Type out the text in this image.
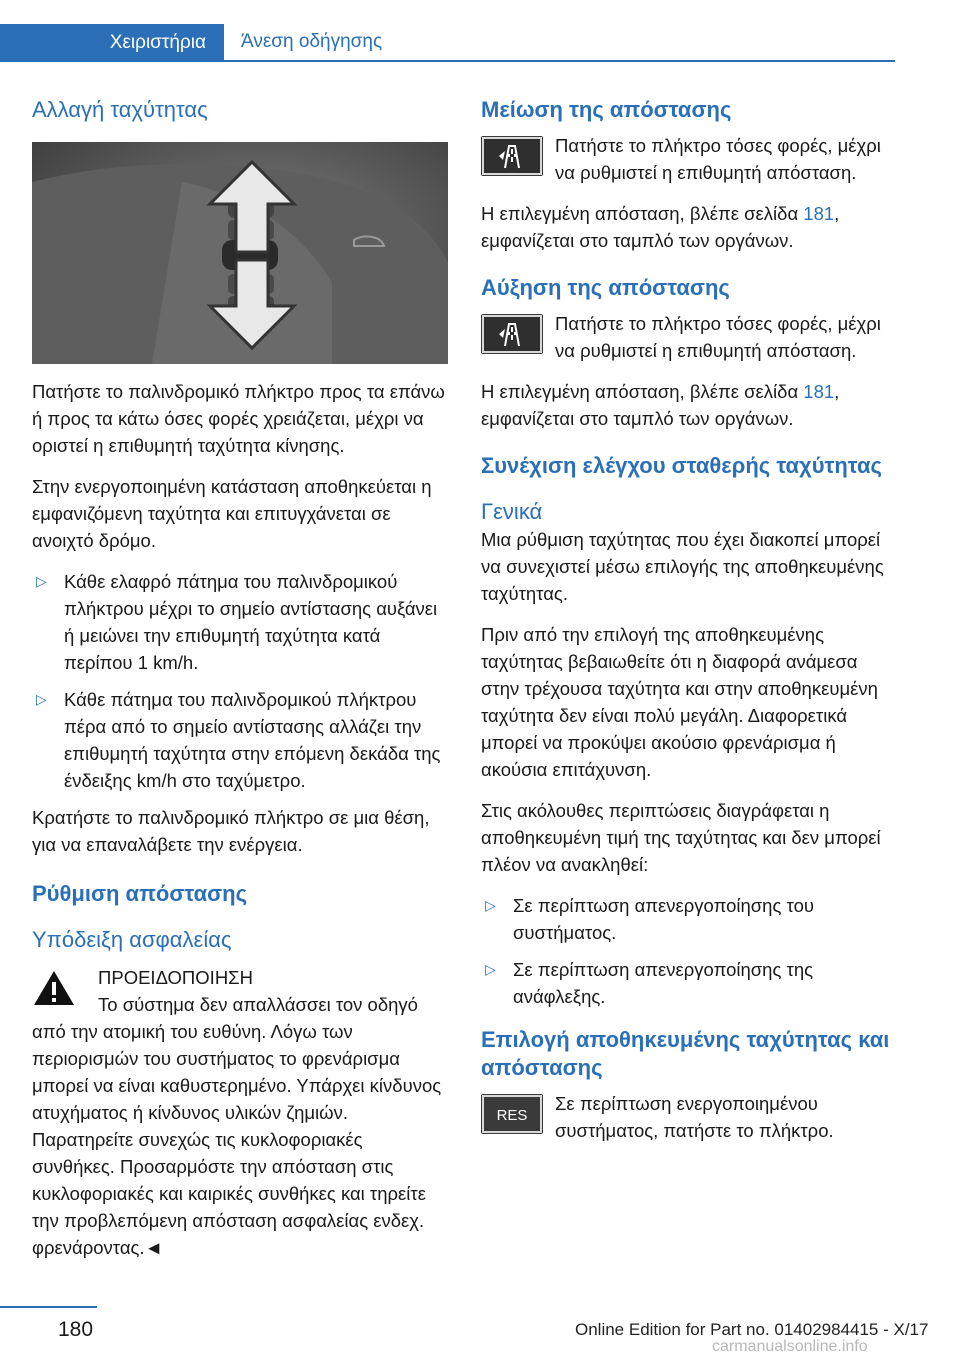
Χειριστήρια	Άνεση οδήγησης
Αλλαγή ταχύτητας

Πατήστε το παλινδρομικό πλήκτρο προς τα επάνω ή προς τα κάτω όσες φορές χρειάζεται, μέχρι να οριστεί η επιθυμητή ταχύτητα κίνησης.

Στην ενεργοποιημένη κατάσταση αποθηκεύεται η εμφανιζόμενη ταχύτητα και επιτυγχάνεται σε ανοιχτό δρόμο.

▷ Κάθε ελαφρό πάτημα του παλινδρομικού πλήκτρου μέχρι το σημείο αντίστασης αυξάνει ή μειώνει την επιθυμητή ταχύτητα κατά περίπου 1 km/h.
▷ Κάθε πάτημα του παλινδρομικού πλήκτρου πέρα από το σημείο αντίστασης αλλάζει την επιθυμητή ταχύτητα στην επόμενη δεκάδα της ένδειξης km/h στο ταχύμετρο.

Κρατήστε το παλινδρομικό πλήκτρο σε μια θέση, για να επαναλάβετε την ενέργεια.

Ρύθμιση απόστασης
Υπόδειξη ασφαλείας

ΠΡΟΕΙΔΟΠΟΙΗΣΗ

Το σύστημα δεν απαλλάσσει τον οδηγό από την ατομική του ευθύνη. Λόγω των περιορισμών του συστήματος το φρενάρισμα μπορεί να είναι καθυστερημένο. Υπάρχει κίνδυνος ατυχήματος ή κίνδυνος υλικών ζημιών. Παρατηρείτε συνεχώς τις κυκλοφοριακές συνθήκες. Προσαρμόστε την απόσταση στις κυκλοφοριακές και καιρικές συνθήκες και τηρείτε την προβλεπόμενη απόσταση ασφαλείας ενδεχ. φρενάροντας.◄

Μείωση της απόστασης

Πατήστε το πλήκτρο τόσες φορές, μέχρι να ρυθμιστεί η επιθυμητή απόσταση.

Η επιλεγμένη απόσταση, βλέπε σελίδα 181, εμφανίζεται στο ταμπλό των οργάνων.

Αύξηση της απόστασης

Πατήστε το πλήκτρο τόσες φορές, μέχρι να ρυθμιστεί η επιθυμητή απόσταση.

Η επιλεγμένη απόσταση, βλέπε σελίδα 181, εμφανίζεται στο ταμπλό των οργάνων.

Συνέχιση ελέγχου σταθερής ταχύτητας
Γενικά

Μια ρύθμιση ταχύτητας που έχει διακοπεί μπορεί να συνεχιστεί μέσω επιλογής της αποθηκευμένης ταχύτητας.

Πριν από την επιλογή της αποθηκευμένης ταχύτητας βεβαιωθείτε ότι η διαφορά ανάμεσα στην τρέχουσα ταχύτητα και στην αποθηκευμένη ταχύτητα δεν είναι πολύ μεγάλη. Διαφορετικά μπορεί να προκύψει ακούσιο φρενάρισμα ή ακούσια επιτάχυνση.

Στις ακόλουθες περιπτώσεις διαγράφεται η αποθηκευμένη τιμή της ταχύτητας και δεν μπορεί πλέον να ανακληθεί:

▷ Σε περίπτωση απενεργοποίησης του συστήματος.
▷ Σε περίπτωση απενεργοποίησης της ανάφλεξης.
Επιλογή αποθηκευμένης ταχύτητας και απόστασης
RES

Σε περίπτωση ενεργοποιημένου συστήματος, πατήστε το πλήκτρο.

180	Online Edition for Part no. 01402984415 - X/17
carmanualsonline.info
